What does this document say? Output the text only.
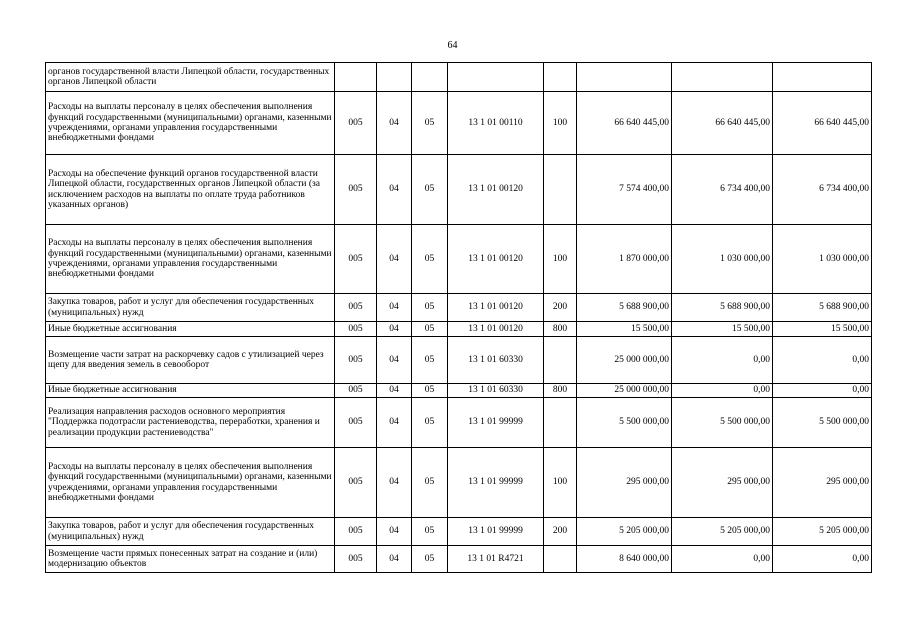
64
органов государственной власти Липецкой области, государственных органов Липецкой области								
Расходы на выплаты персоналу в целях обеспечения выполнения функций государственными (муниципальными) органами, казенными учреждениями, органами управления государственными внебюджетными фондами	005	04	05	13 1 01 00110	100	66 640 445,00	66 640 445,00	66 640 445,00
Расходы на обеспечение функций органов государственной власти Липецкой области, государственных органов Липецкой области (за исключением расходов на выплаты по оплате труда работников указанных органов)	005	04	05	13 1 01 00120		7 574 400,00	6 734 400,00	6 734 400,00
Расходы на выплаты персоналу в целях обеспечения выполнения функций государственными (муниципальными) органами, казенными учреждениями, органами управления государственными внебюджетными фондами	005	04	05	13 1 01 00120	100	1 870 000,00	1 030 000,00	1 030 000,00
Закупка товаров, работ и услуг для обеспечения государственных (муниципальных) нужд	005	04	05	13 1 01 00120	200	5 688 900,00	5 688 900,00	5 688 900,00
Иные бюджетные ассигнования	005	04	05	13 1 01 00120	800	15 500,00	15 500,00	15 500,00
Возмещение части затрат на раскорчевку садов с утилизацией через щепу для введения земель в севооборот	005	04	05	13 1 01 60330		25 000 000,00	0,00	0,00
Иные бюджетные ассигнования	005	04	05	13 1 01 60330	800	25 000 000,00	0,00	0,00
Реализация направления расходов основного мероприятия "Поддержка подотрасли растениеводства, переработки, хранения и реализации продукции растениеводства"	005	04	05	13 1 01 99999		5 500 000,00	5 500 000,00	5 500 000,00
Расходы на выплаты персоналу в целях обеспечения выполнения функций государственными (муниципальными) органами, казенными учреждениями, органами управления государственными внебюджетными фондами	005	04	05	13 1 01 99999	100	295 000,00	295 000,00	295 000,00
Закупка товаров, работ и услуг для обеспечения государственных (муниципальных) нужд	005	04	05	13 1 01 99999	200	5 205 000,00	5 205 000,00	5 205 000,00
Возмещение части прямых понесенных затрат на создание и (или) модернизацию объектов	005	04	05	13 1 01 R4721		8 640 000,00	0,00	0,00
